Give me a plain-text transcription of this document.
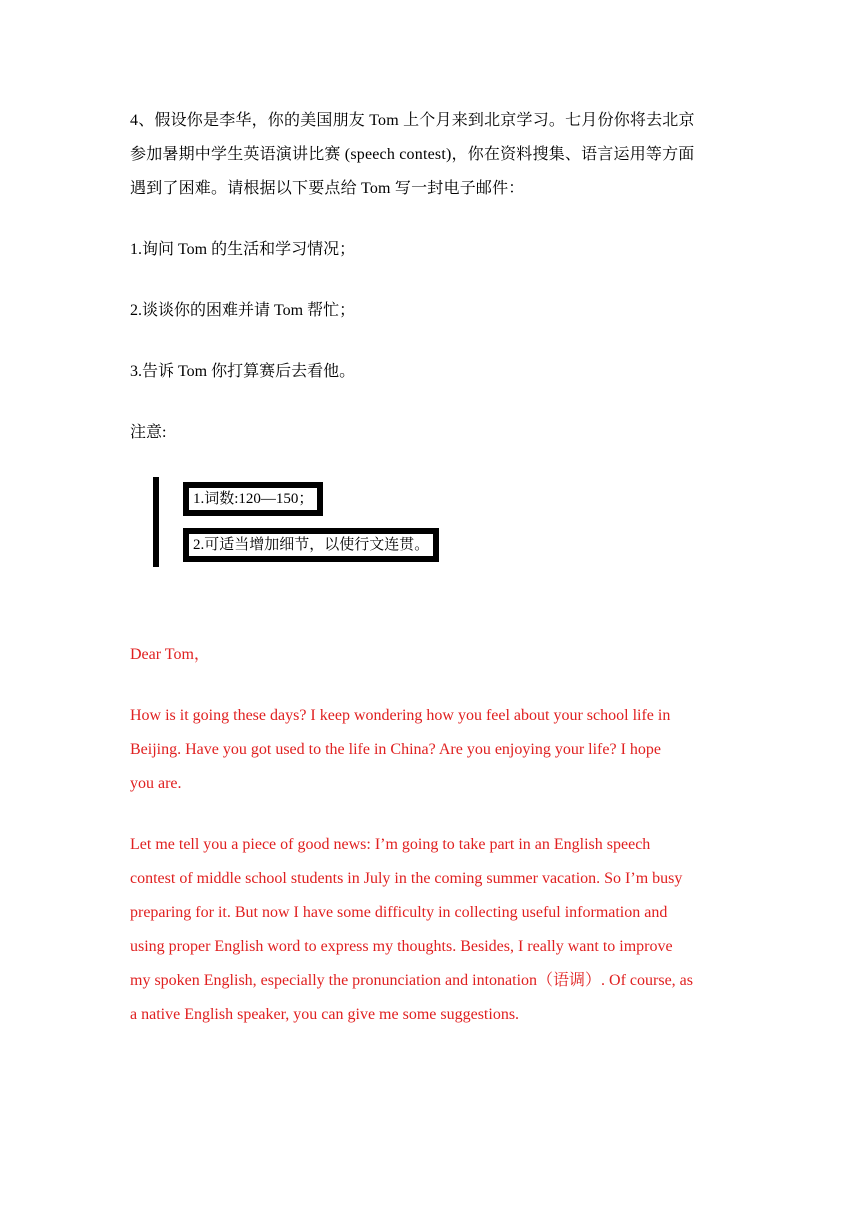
4、假设你是李华，你的美国朋友 Tom 上个月来到北京学习。七月份你将去北京
参加暑期中学生英语演讲比赛 (speech contest)，你在资料搜集、语言运用等方面
遇到了困难。请根据以下要点给 Tom 写一封电子邮件：
1.询问 Tom 的生活和学习情况；
2.谈谈你的困难并请 Tom 帮忙；
3.告诉 Tom 你打算赛后去看他。
注意:
1.词数:120—150；
2.可适当增加细节，以使行文连贯。
Dear Tom，
How is it going these days? I keep wondering how you feel about your school life in
Beijing. Have you got used to the life in China? Are you enjoying your life? I hope
you are.
Let me tell you a piece of good news: I’m going to take part in an English speech
contest of middle school students in July in the coming summer vacation. So I’m busy
preparing for it. But now I have some difficulty in collecting useful information and
using proper English word to express my thoughts. Besides, I really want to improve
my spoken English, especially the pronunciation and intonation（语调）. Of course, as
a native English speaker, you can give me some suggestions.
